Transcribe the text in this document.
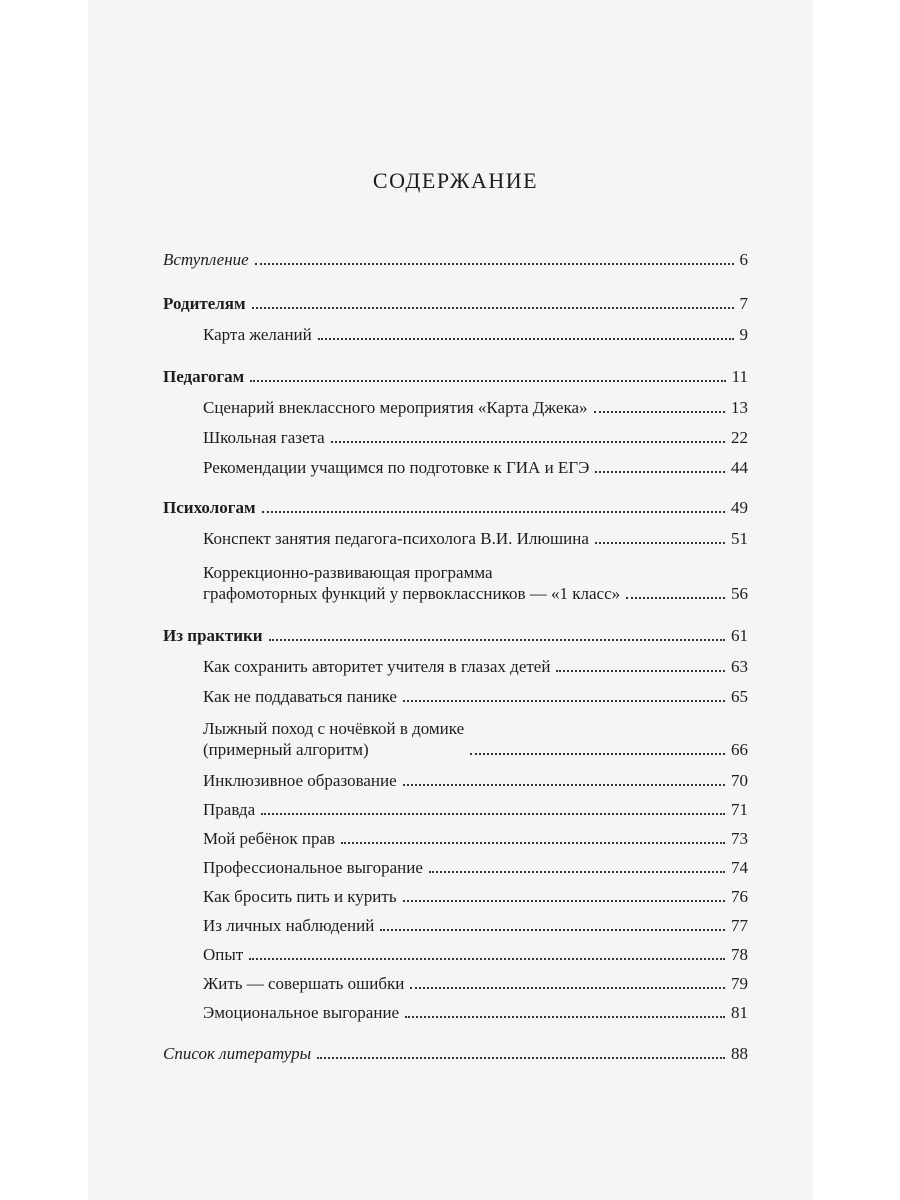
СОДЕРЖАНИЕ
Вступление	6
Родителям	7
Карта желаний	9
Педагогам	11
Сценарий внеклассного мероприятия «Карта Джека»	13
Школьная газета	22
Рекомендации учащимся по подготовке к ГИА и ЕГЭ	44
Психологам	49
Конспект занятия педагога-психолога В.И. Илюшина	51
Коррекционно-развивающая программа
графомоторных функций у первоклассников — «1 класс»	56
Из практики	61
Как сохранить авторитет учителя в глазах детей	63
Как не поддаваться панике	65
Лыжный поход с ночёвкой в домике
(примерный алгоритм)	66
Инклюзивное образование	70
Правда	71
Мой ребёнок прав	73
Профессиональное выгорание	74
Как бросить пить и курить	76
Из личных наблюдений	77
Опыт	78
Жить — совершать ошибки	79
Эмоциональное выгорание	81
Список литературы	88
